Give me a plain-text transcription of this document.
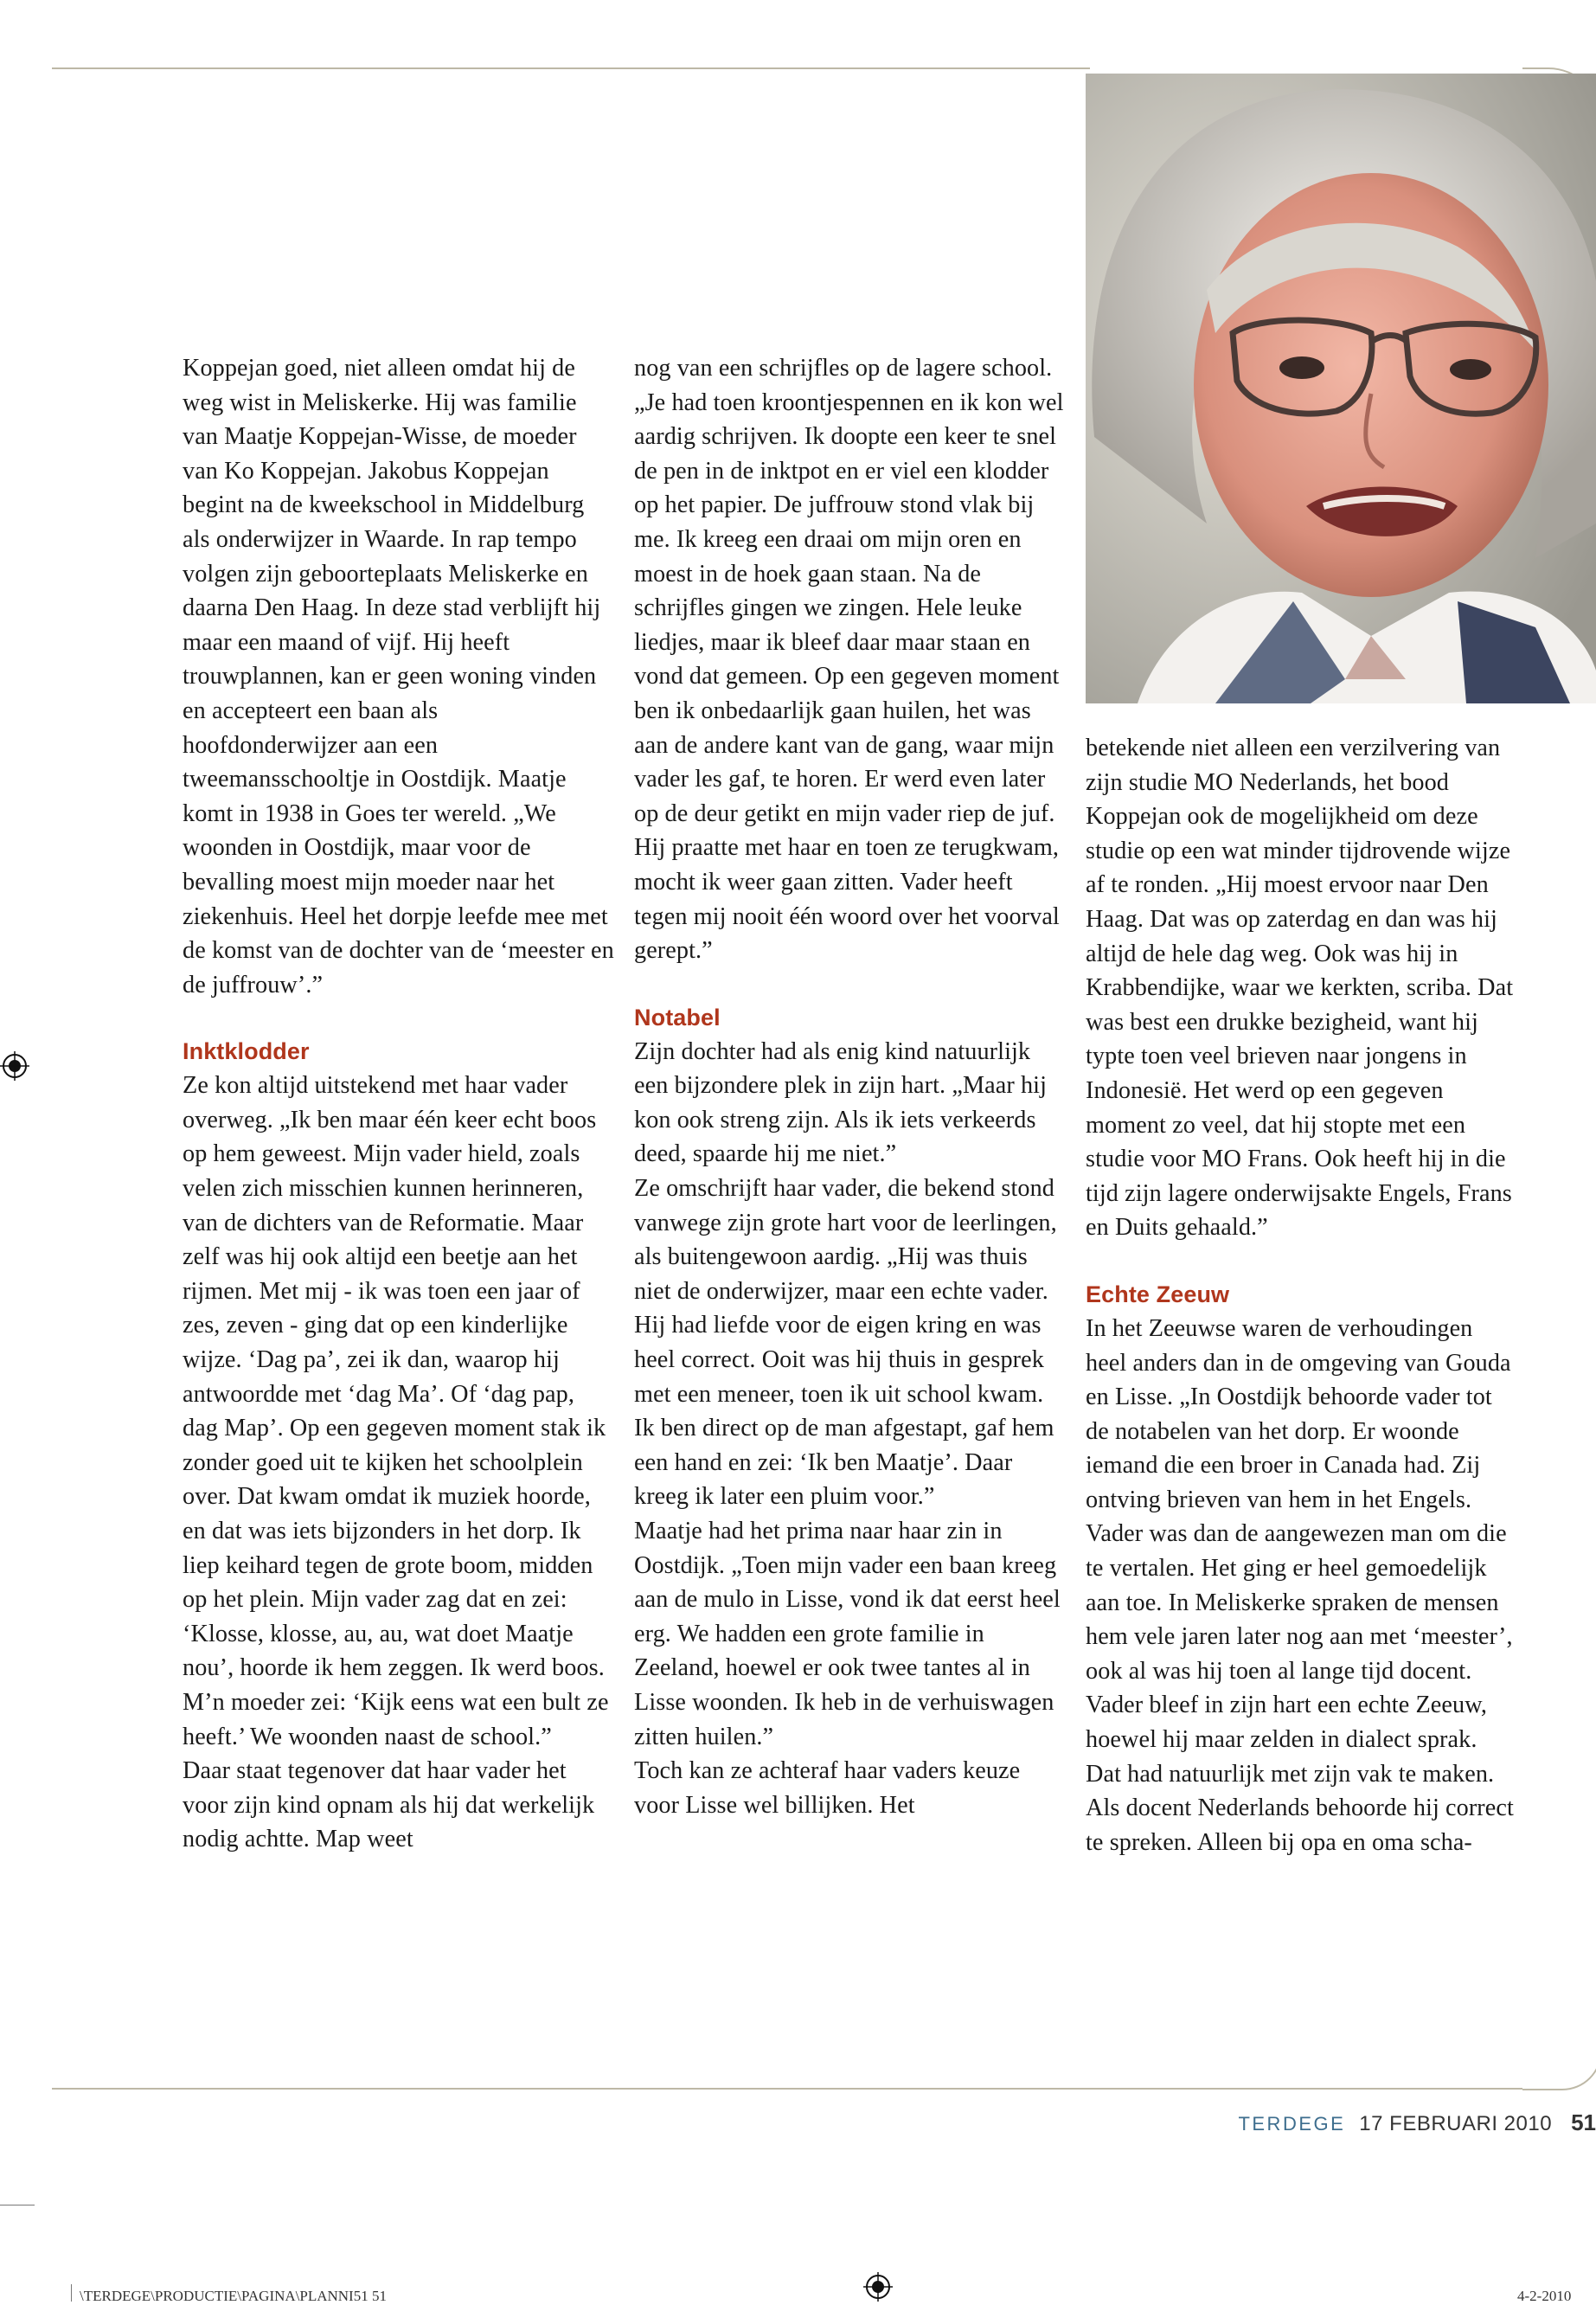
Koppejan goed, niet alleen omdat hij de weg wist in Meliskerke. Hij was familie van Maatje Koppejan-Wisse, de moeder van Ko Koppejan. Jakobus Koppejan begint na de kweekschool in Middelburg als onderwijzer in Waarde. In rap tempo volgen zijn geboorteplaats Meliskerke en daarna Den Haag. In deze stad verblijft hij maar een maand of vijf. Hij heeft trouwplannen, kan er geen woning vinden en accepteert een baan als hoofdonderwijzer aan een tweemansschooltje in Oostdijk. Maatje komt in 1938 in Goes ter wereld. „We woonden in Oostdijk, maar voor de bevalling moest mijn moeder naar het ziekenhuis. Heel het dorpje leefde mee met de komst van de dochter van de ‘meester en de juffrouw’.”

Inktklodder

Ze kon altijd uitstekend met haar vader overweg. „Ik ben maar één keer echt boos op hem geweest. Mijn vader hield, zoals velen zich misschien kunnen herinneren, van de dichters van de Reformatie. Maar zelf was hij ook altijd een beetje aan het rijmen. Met mij - ik was toen een jaar of zes, zeven - ging dat op een kinderlijke wijze. ‘Dag pa’, zei ik dan, waarop hij antwoordde met ‘dag Ma’. Of ‘dag pap, dag Map’. Op een gegeven moment stak ik zonder goed uit te kijken het schoolplein over. Dat kwam omdat ik muziek hoorde, en dat was iets bijzonders in het dorp. Ik liep keihard tegen de grote boom, midden op het plein. Mijn vader zag dat en zei: ‘Klosse, klosse, au, au, wat doet Maatje nou’, hoorde ik hem zeggen. Ik werd boos. M’n moeder zei: ‘Kijk eens wat een bult ze heeft.’ We woonden naast de school.”

Daar staat tegenover dat haar vader het voor zijn kind opnam als hij dat werkelijk nodig achtte. Map weet

nog van een schrijfles op de lagere school. „Je had toen kroontjespennen en ik kon wel aardig schrijven. Ik doopte een keer te snel de pen in de inktpot en er viel een klodder op het papier. De juffrouw stond vlak bij me. Ik kreeg een draai om mijn oren en moest in de hoek gaan staan. Na de schrijfles gingen we zingen. Hele leuke liedjes, maar ik bleef daar maar staan en vond dat gemeen. Op een gegeven moment ben ik onbedaarlijk gaan huilen, het was aan de andere kant van de gang, waar mijn vader les gaf, te horen. Er werd even later op de deur getikt en mijn vader riep de juf. Hij praatte met haar en toen ze terugkwam, mocht ik weer gaan zitten. Vader heeft tegen mij nooit één woord over het voorval gerept.”

Notabel

Zijn dochter had als enig kind natuurlijk een bijzondere plek in zijn hart. „Maar hij kon ook streng zijn. Als ik iets verkeerds deed, spaarde hij me niet.”

Ze omschrijft haar vader, die bekend stond vanwege zijn grote hart voor de leerlingen, als buitengewoon aardig. „Hij was thuis niet de onderwijzer, maar een echte vader. Hij had liefde voor de eigen kring en was heel correct. Ooit was hij thuis in gesprek met een meneer, toen ik uit school kwam. Ik ben direct op de man afgestapt, gaf hem een hand en zei: ‘Ik ben Maatje’. Daar kreeg ik later een pluim voor.”

Maatje had het prima naar haar zin in Oostdijk. „Toen mijn vader een baan kreeg aan de mulo in Lisse, vond ik dat eerst heel erg. We hadden een grote familie in Zeeland, hoewel er ook twee tantes al in Lisse woonden. Ik heb in de verhuiswagen zitten huilen.”

Toch kan ze achteraf haar vaders keuze voor Lisse wel billijken. Het

betekende niet alleen een verzilvering van zijn studie MO Nederlands, het bood Koppejan ook de mogelijkheid om deze studie op een wat minder tijdrovende wijze af te ronden. „Hij moest ervoor naar Den Haag. Dat was op zaterdag en dan was hij altijd de hele dag weg. Ook was hij in Krabbendijke, waar we kerkten, scriba. Dat was best een drukke bezigheid, want hij typte toen veel brieven naar jongens in Indonesië. Het werd op een gegeven moment zo veel, dat hij stopte met een studie voor MO Frans. Ook heeft hij in die tijd zijn lagere onderwijsakte Engels, Frans en Duits gehaald.”

Echte Zeeuw

In het Zeeuwse waren de verhoudingen heel anders dan in de omgeving van Gouda en Lisse. „In Oostdijk behoorde vader tot de notabelen van het dorp. Er woonde iemand die een broer in Canada had. Zij ontving brieven van hem in het Engels. Vader was dan de aangewezen man om die te vertalen. Het ging er heel gemoedelijk aan toe. In Meliskerke spraken de mensen hem vele jaren later nog aan met ‘meester’, ook al was hij toen al lange tijd docent.

Vader bleef in zijn hart een echte Zeeuw, hoewel hij maar zelden in dialect sprak. Dat had natuurlijk met zijn vak te maken. Als docent Nederlands behoorde hij correct te spreken. Alleen bij opa en oma scha-

TERDEGE 17 FEBRUARI 2010 51
\TERDEGE\PRODUCTIE\PAGINA\PLANNI51 51	4-2-2010
